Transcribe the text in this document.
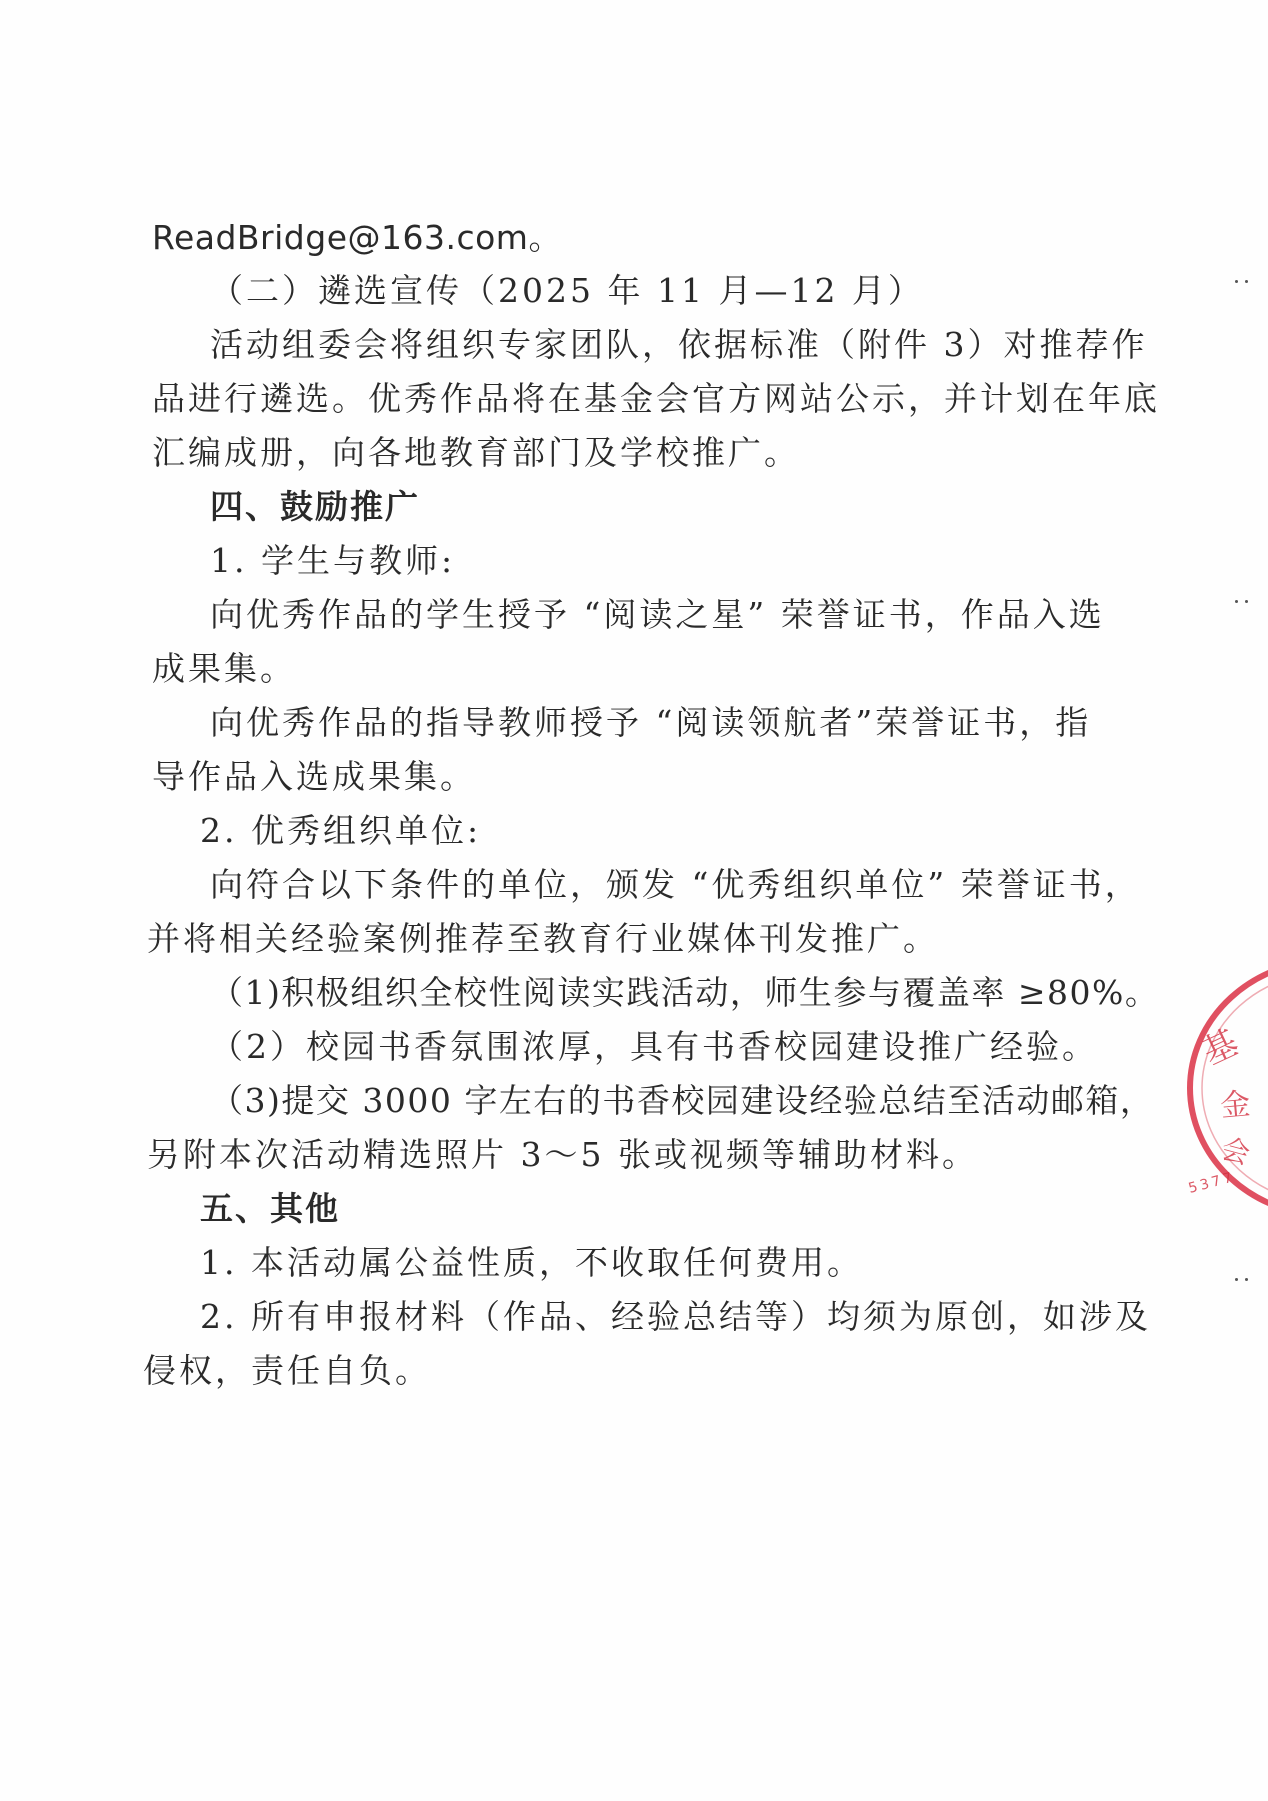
ReadBridge@163.com。
（二）遴选宣传（2025 年 11 月—12 月）
活动组委会将组织专家团队，依据标准（附件 3）对推荐作
品进行遴选。优秀作品将在基金会官方网站公示，并计划在年底
汇编成册，向各地教育部门及学校推广。
四、鼓励推广
1. 学生与教师:
向优秀作品的学生授予 “阅读之星” 荣誉证书，作品入选
成果集。
向优秀作品的指导教师授予 “阅读领航者”荣誉证书，指
导作品入选成果集。
2. 优秀组织单位:
向符合以下条件的单位，颁发 “优秀组织单位” 荣誉证书，
并将相关经验案例推荐至教育行业媒体刊发推广。
（1)积极组织全校性阅读实践活动，师生参与覆盖率 ≥80%。
（2）校园书香氛围浓厚，具有书香校园建设推广经验。
（3)提交 3000 字左右的书香校园建设经验总结至活动邮箱，
另附本次活动精选照片 3～5 张或视频等辅助材料。
五、其他
1. 本活动属公益性质，不收取任何费用。
2. 所有申报材料（作品、经验总结等）均须为原创，如涉及
侵权，责任自负。
基
金
会
5377
